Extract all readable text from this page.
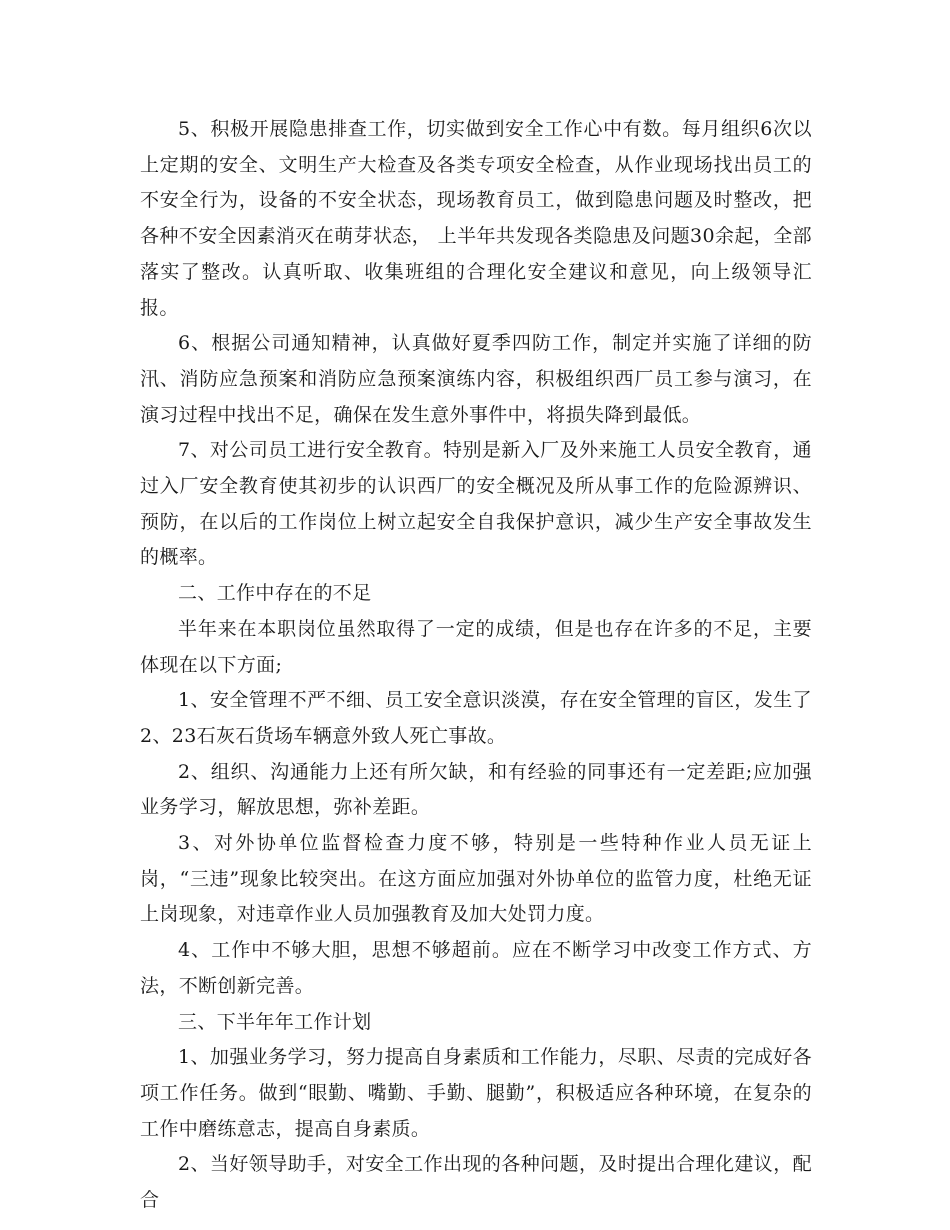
5、积极开展隐患排查工作，切实做到安全工作心中有数。每月组织6次以上定期的安全、文明生产大检查及各类专项安全检查，从作业现场找出员工的不安全行为，设备的不安全状态，现场教育员工，做到隐患问题及时整改，把各种不安全因素消灭在萌芽状态， 上半年共发现各类隐患及问题30余起，全部落实了整改。认真听取、收集班组的合理化安全建议和意见，向上级领导汇报。

6、根据公司通知精神，认真做好夏季四防工作，制定并实施了详细的防汛、消防应急预案和消防应急预案演练内容，积极组织西厂员工参与演习，在演习过程中找出不足，确保在发生意外事件中，将损失降到最低。

7、对公司员工进行安全教育。特别是新入厂及外来施工人员安全教育，通过入厂安全教育使其初步的认识西厂的安全概况及所从事工作的危险源辨识、预防，在以后的工作岗位上树立起安全自我保护意识，减少生产安全事故发生的概率。

二、工作中存在的不足

半年来在本职岗位虽然取得了一定的成绩，但是也存在许多的不足，主要体现在以下方面;

1、安全管理不严不细、员工安全意识淡漠，存在安全管理的盲区，发生了2、23石灰石货场车辆意外致人死亡事故。

2、组织、沟通能力上还有所欠缺，和有经验的同事还有一定差距;应加强业务学习，解放思想，弥补差距。

3、对外协单位监督检查力度不够，特别是一些特种作业人员无证上岗，“三违”现象比较突出。在这方面应加强对外协单位的监管力度，杜绝无证上岗现象，对违章作业人员加强教育及加大处罚力度。

4、工作中不够大胆，思想不够超前。应在不断学习中改变工作方式、方法，不断创新完善。

三、下半年年工作计划

1、加强业务学习，努力提高自身素质和工作能力，尽职、尽责的完成好各项工作任务。做到“眼勤、嘴勤、手勤、腿勤”，积极适应各种环境，在复杂的工作中磨练意志，提高自身素质。

2、当好领导助手，对安全工作出现的各种问题，及时提出合理化建议，配合
